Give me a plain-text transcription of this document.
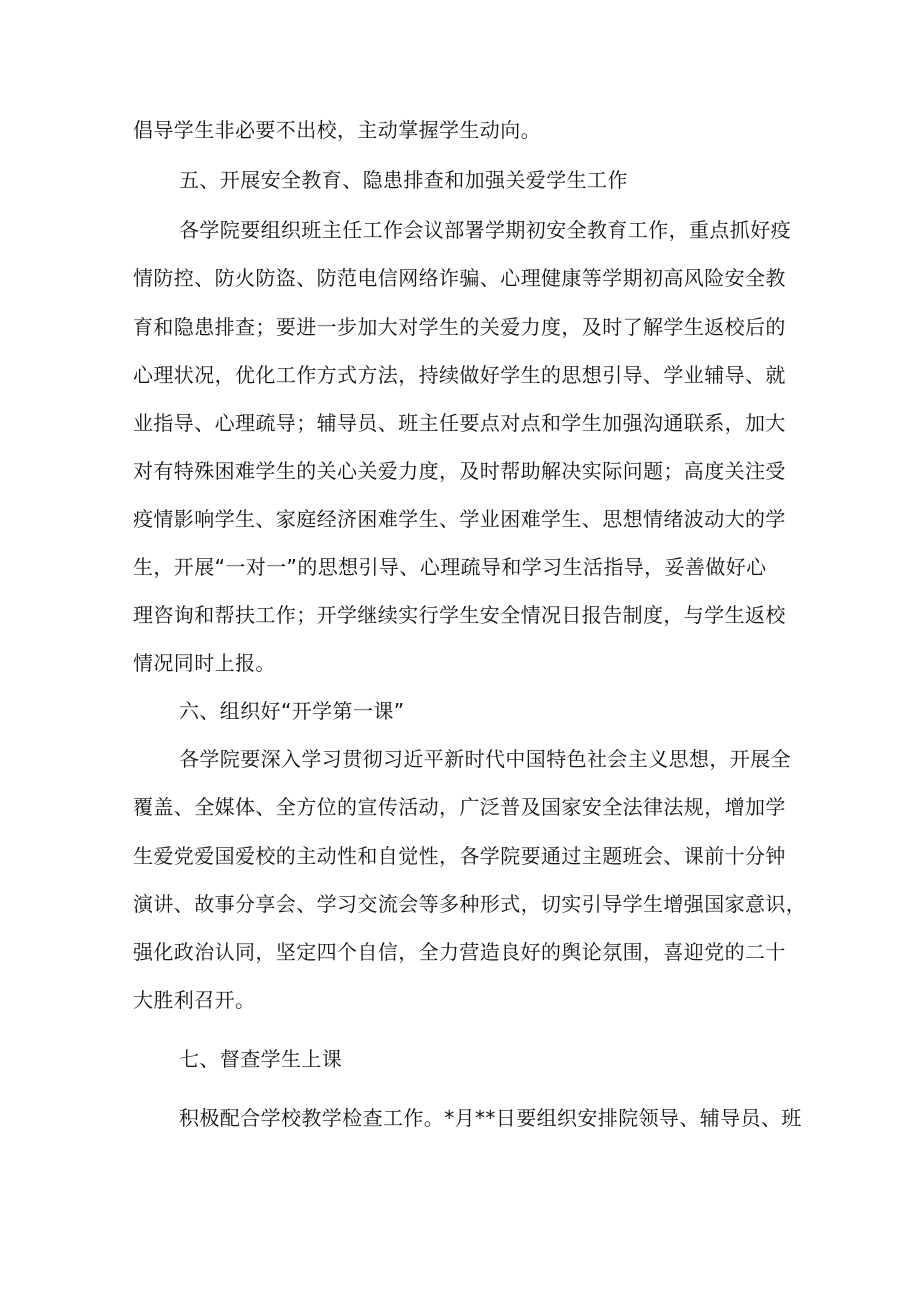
倡导学生非必要不出校，主动掌握学生动向。
五、开展安全教育、隐患排查和加强关爱学生工作
各学院要组织班主任工作会议部署学期初安全教育工作，重点抓好疫
情防控、防火防盗、防范电信网络诈骗、心理健康等学期初高风险安全教
育和隐患排查；要进一步加大对学生的关爱力度，及时了解学生返校后的
心理状况，优化工作方式方法，持续做好学生的思想引导、学业辅导、就
业指导、心理疏导；辅导员、班主任要点对点和学生加强沟通联系，加大
对有特殊困难学生的关心关爱力度，及时帮助解决实际问题；高度关注受
疫情影响学生、家庭经济困难学生、学业困难学生、思想情绪波动大的学
生，开展“一对一”的思想引导、心理疏导和学习生活指导，妥善做好心
理咨询和帮扶工作；开学继续实行学生安全情况日报告制度，与学生返校
情况同时上报。
六、组织好“开学第一课”
各学院要深入学习贯彻习近平新时代中国特色社会主义思想，开展全
覆盖、全媒体、全方位的宣传活动，广泛普及国家安全法律法规，增加学
生爱党爱国爱校的主动性和自觉性，各学院要通过主题班会、课前十分钟
演讲、故事分享会、学习交流会等多种形式，切实引导学生增强国家意识，
强化政治认同，坚定四个自信，全力营造良好的舆论氛围，喜迎党的二十
大胜利召开。
七、督查学生上课
积极配合学校教学检查工作。*月**日要组织安排院领导、辅导员、班
